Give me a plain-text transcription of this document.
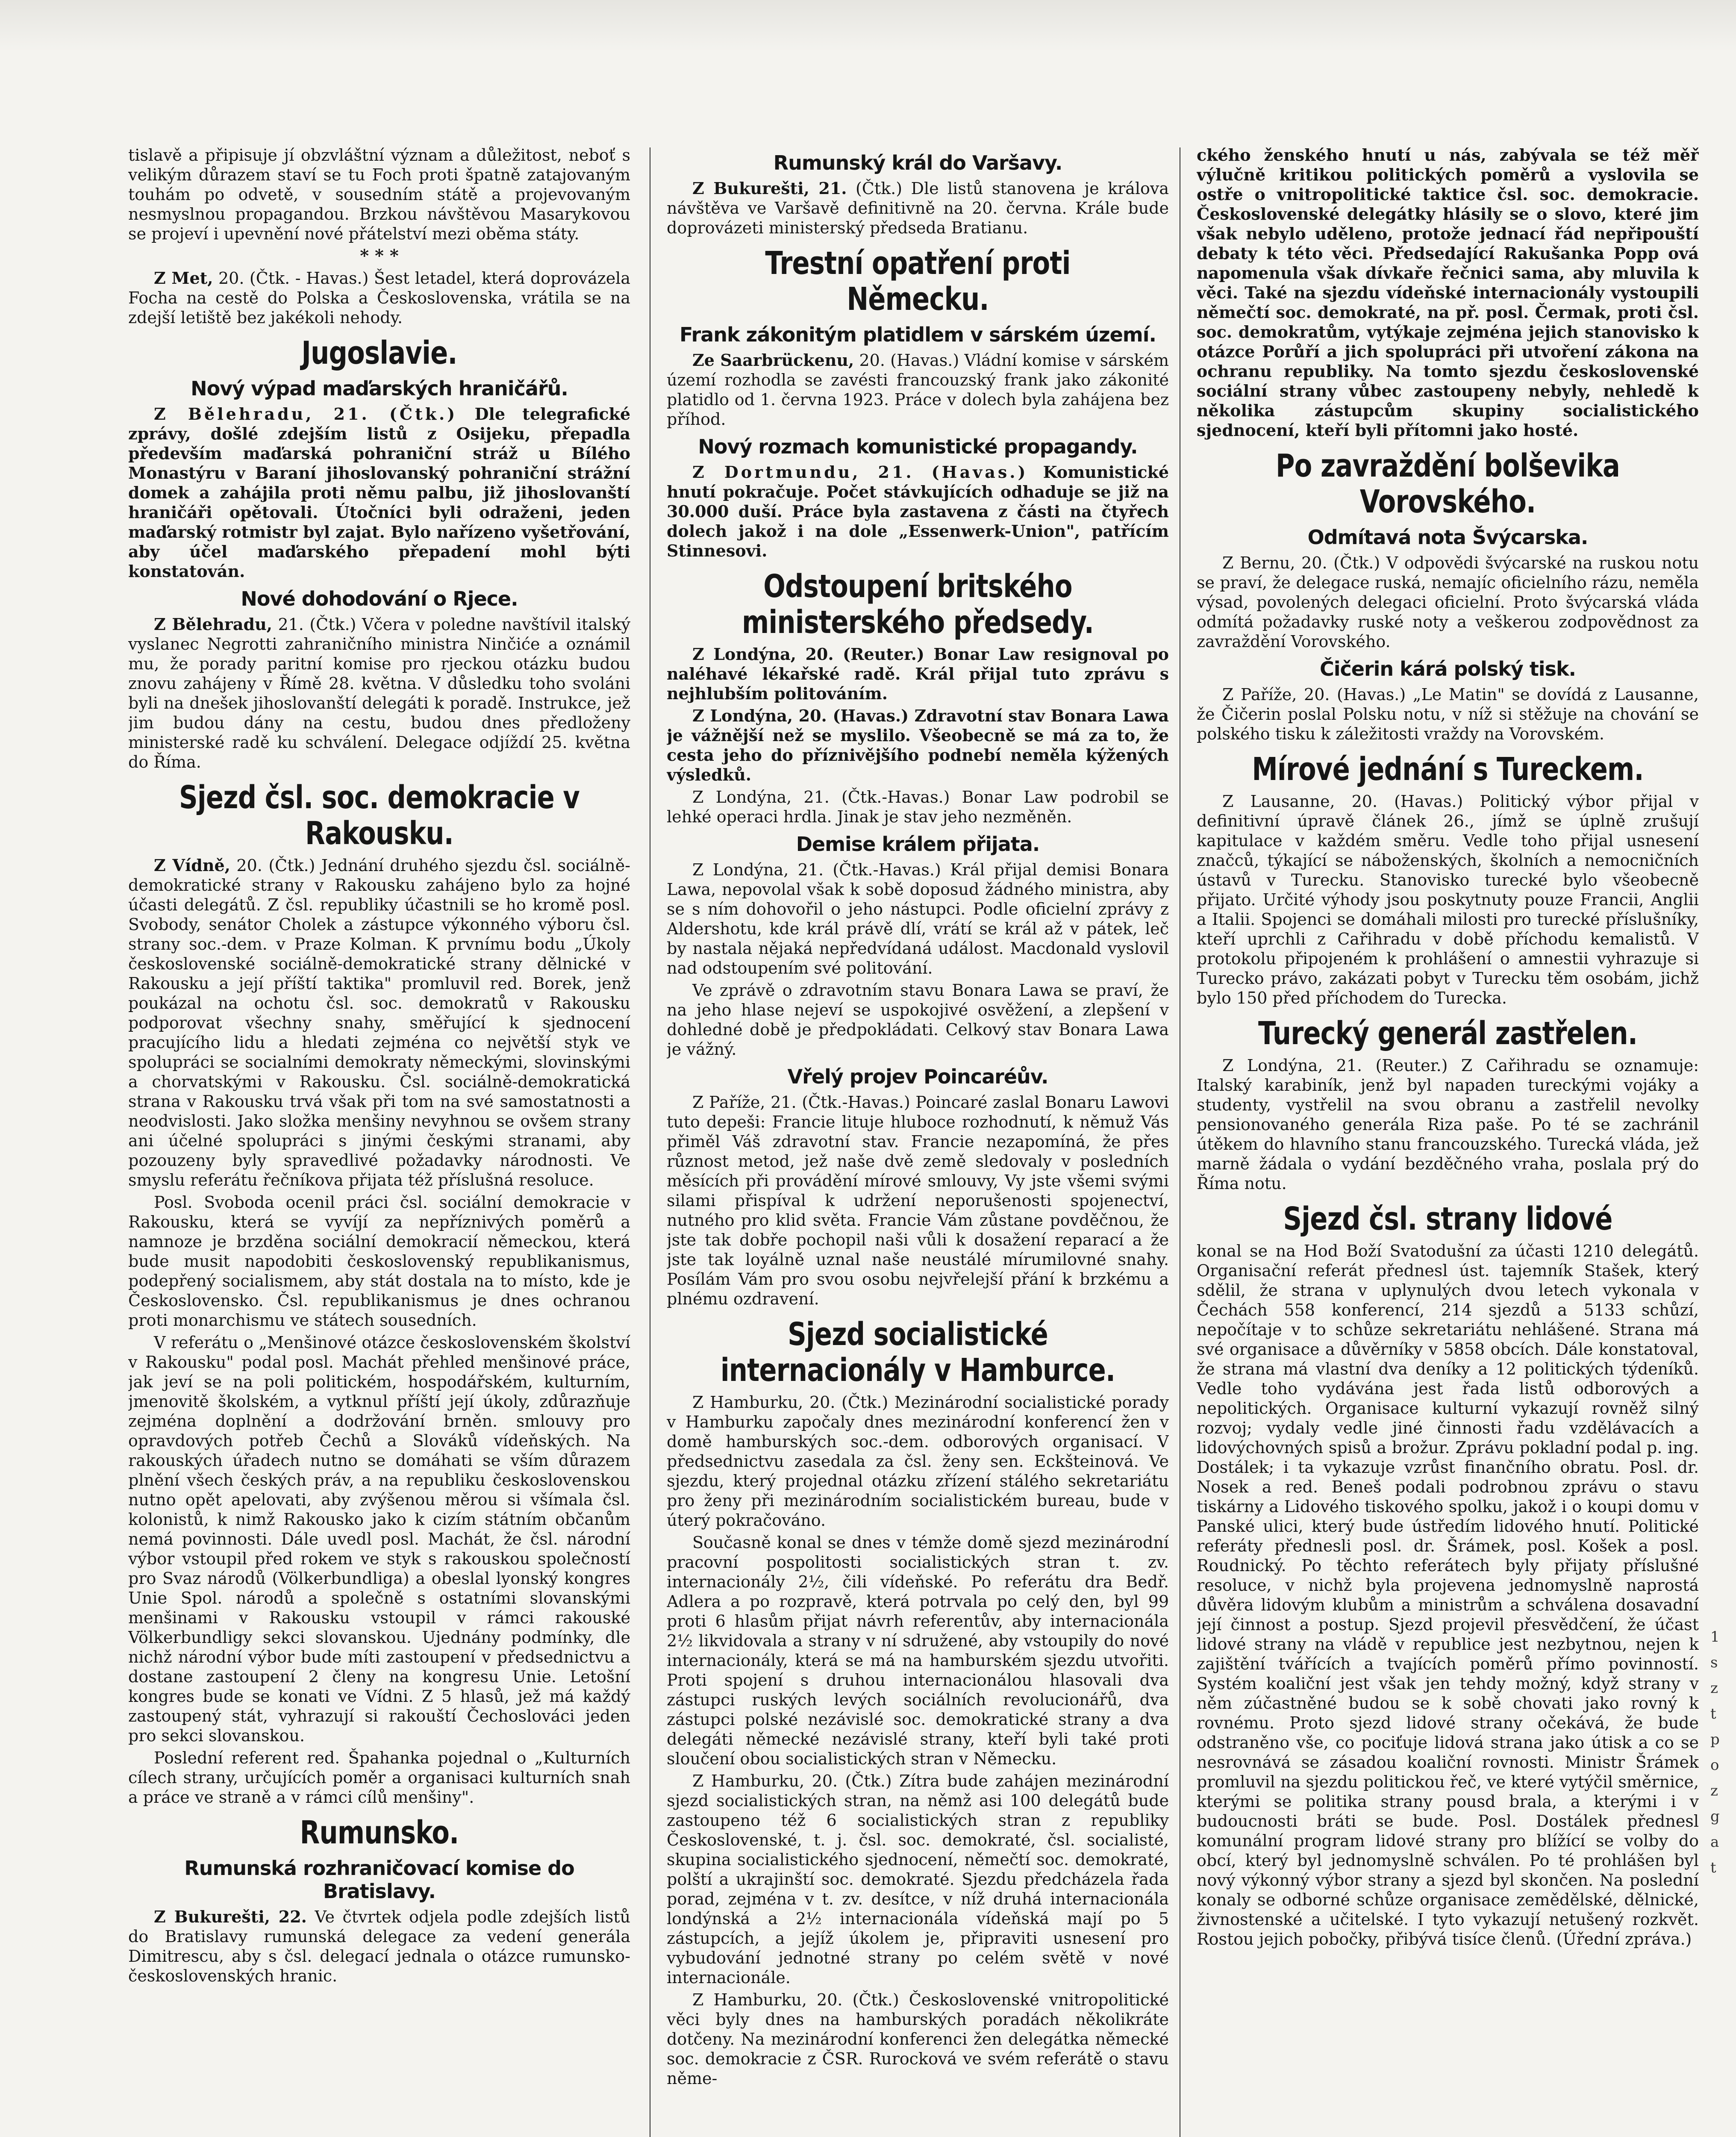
tislavě a připisuje jí obzvláštní význam a důležitost, neboť s velikým důrazem staví se tu Foch proti špatně zatajovaným touhám po odvetě, v sousedním státě a projevovaným nesmyslnou propagandou. Brzkou návštěvou Masarykovou se projeví i upevnění nové přátelství mezi oběma státy.

* * *

Z Met, 20. (Čtk. - Havas.) Šest letadel, která doprovázela Focha na cestě do Polska a Československa, vrátila se na zdejší letiště bez jakékoli nehody.

Jugoslavie.
Nový výpad maďarských hraničářů.

Z Bělehradu, 21. (Čtk.) Dle telegrafické zprávy, došlé zdejším listů z Osijeku, přepadla především maďarská pohraniční stráž u Bílého Monastýru v Baraní jihoslovanský pohraniční strážní domek a zahájila proti němu palbu, již jihoslovanští hraničáři opětovali. Útočníci byli odraženi, jeden maďarský rotmistr byl zajat. Bylo nařízeno vyšetřování, aby účel maďarského přepadení mohl býti konstatován.

Nové dohodování o Rjece.

Z Bělehradu, 21. (Čtk.) Včera v poledne navštívil italský vyslanec Negrotti zahraničního ministra Ninčiće a oznámil mu, že porady paritní komise pro rjeckou otázku budou znovu zahájeny v Římě 28. května. V důsledku toho svoláni byli na dnešek jihoslovanští delegáti k poradě. Instrukce, jež jim budou dány na cestu, budou dnes předloženy ministerské radě ku schválení. Delegace odjíždí 25. května do Říma.

Sjezd čsl. soc. demokracie v Rakousku.

Z Vídně, 20. (Čtk.) Jednání druhého sjezdu čsl. sociálně-demokratické strany v Rakousku zahájeno bylo za hojné účasti delegátů. Z čsl. republiky účastnili se ho kromě posl. Svobody, senátor Cholek a zástupce výkonného výboru čsl. strany soc.-dem. v Praze Kolman. K prvnímu bodu „Úkoly československé sociálně-demokratické strany dělnické v Rakousku a její příští taktika" promluvil red. Borek, jenž poukázal na ochotu čsl. soc. demokratů v Rakousku podporovat všechny snahy, směřující k sjednocení pracujícího lidu a hledati zejména co největší styk ve spolupráci se socialními demokraty německými, slovinskými a chorvatskými v Rakousku. Čsl. sociálně-demokratická strana v Rakousku trvá však při tom na své samostatnosti a neodvislosti. Jako složka menšiny nevyhnou se ovšem strany ani účelné spolupráci s jinými českými stranami, aby pozouzeny byly spravedlivé požadavky národnosti. Ve smyslu referátu řečníkova přijata též příslušná resoluce.

Posl. Svoboda ocenil práci čsl. sociální demokracie v Rakousku, která se vyvíjí za nepříznivých poměrů a namnoze je brzděna sociální demokracií německou, která bude musit napodobiti československý republikanismus, podepřený socialismem, aby stát dostala na to místo, kde je Československo. Čsl. republikanismus je dnes ochranou proti monarchismu ve státech sousedních.

V referátu o „Menšinové otázce československém školství v Rakousku" podal posl. Machát přehled menšinové práce, jak jeví se na poli politickém, hospodářském, kulturním, jmenovitě školském, a vytknul příští její úkoly, zdůrazňuje zejména doplnění a dodržování brněn. smlouvy pro opravdových potřeb Čechů a Slováků vídeňských. Na rakouských úřadech nutno se domáhati se vším důrazem plnění všech českých práv, a na republiku československou nutno opět apelovati, aby zvýšenou měrou si všímala čsl. kolonistů, k nimž Rakousko jako k cizím státním občanům nemá povinnosti. Dále uvedl posl. Machát, že čsl. národní výbor vstoupil před rokem ve styk s rakouskou společností pro Svaz národů (Völkerbundliga) a obeslal lyonský kongres Unie Spol. národů a společně s ostatními slovanskými menšinami v Rakousku vstoupil v rámci rakouské Völkerbundligy sekci slovanskou. Ujednány podmínky, dle nichž národní výbor bude míti zastoupení v předsednictvu a dostane zastoupení 2 členy na kongresu Unie. Letošní kongres bude se konati ve Vídni. Z 5 hlasů, jež má každý zastoupený stát, vyhrazují si rakouští Čechoslováci jeden pro sekci slovanskou.

Poslední referent red. Špahanka pojednal o „Kulturních cílech strany, určujících poměr a organisaci kulturních snah a práce ve straně a v rámci cílů menšiny".

Rumunsko.
Rumunská rozhraničovací komise do Bratislavy.

Z Bukurešti, 22. Ve čtvrtek odjela podle zdejších listů do Bratislavy rumunská delegace za vedení generála Dimitrescu, aby s čsl. delegací jednala o otázce rumunsko-československých hranic.

Rumunský král do Varšavy.

Z Bukurešti, 21. (Čtk.) Dle listů stanovena je králova návštěva ve Varšavě definitivně na 20. června. Krále bude doprovázeti ministerský předseda Bratianu.

Trestní opatření proti Německu.
Frank zákonitým platidlem v sárském území.

Ze Saarbrückenu, 20. (Havas.) Vládní komise v sárském území rozhodla se zavésti francouzský frank jako zákonité platidlo od 1. června 1923. Práce v dolech byla zahájena bez příhod.

Nový rozmach komunistické propagandy.

Z Dortmundu, 21. (Havas.) Komunistické hnutí pokračuje. Počet stávkujících odhaduje se již na 30.000 duší. Práce byla zastavena z části na čtyřech dolech jakož i na dole „Essenwerk-Union", patřícím Stinnesovi.

Odstoupení britského ministerského předsedy.

Z Londýna, 20. (Reuter.) Bonar Law resignoval po naléhavé lékařské radě. Král přijal tuto zprávu s nejhlubším politováním.

Z Londýna, 20. (Havas.) Zdravotní stav Bonara Lawa je vážnější než se myslilo. Všeobecně se má za to, že cesta jeho do příznivějšího podnebí neměla kýžených výsledků.

Z Londýna, 21. (Čtk.-Havas.) Bonar Law podrobil se lehké operaci hrdla. Jinak je stav jeho nezměněn.

Demise králem přijata.

Z Londýna, 21. (Čtk.-Havas.) Král přijal demisi Bonara Lawa, nepovolal však k sobě doposud žádného ministra, aby se s ním dohovořil o jeho nástupci. Podle oficielní zprávy z Aldershotu, kde král právě dlí, vrátí se král až v pátek, leč by nastala nějaká nepředvídaná událost. Macdonald vyslovil nad odstoupením své politování.

Ve zprávě o zdravotním stavu Bonara Lawa se praví, že na jeho hlase nejeví se uspokojivé osvěžení, a zlepšení v dohledné době je předpokládati. Celkový stav Bonara Lawa je vážný.

Vřelý projev Poincaréův.

Z Paříže, 21. (Čtk.-Havas.) Poincaré zaslal Bonaru Lawovi tuto depeši: Francie lituje hluboce rozhodnutí, k němuž Vás přiměl Váš zdravotní stav. Francie nezapomíná, že přes různost metod, jež naše dvě země sledovaly v posledních měsících při provádění mírové smlouvy, Vy jste všemi svými silami přispíval k udržení neporušenosti spojenectví, nutného pro klid světa. Francie Vám zůstane povděčnou, že jste tak dobře pochopil naši vůli k dosažení reparací a že jste tak loyálně uznal naše neustálé mírumilovné snahy. Posílám Vám pro svou osobu nejvřelejší přání k brzkému a plnému ozdravení.

Sjezd socialistické internacionály v Hamburce.

Z Hamburku, 20. (Čtk.) Mezinárodní socialistické porady v Hamburku započaly dnes mezinárodní konferencí žen v domě hamburských soc.-dem. odborových organisací. V předsednictvu zasedala za čsl. ženy sen. Eckšteinová. Ve sjezdu, který projednal otázku zřízení stálého sekretariátu pro ženy při mezinárodním socialistickém bureau, bude v úterý pokračováno.

Současně konal se dnes v témže domě sjezd mezinárodní pracovní pospolitosti socialistických stran t. zv. internacionály 2½, čili vídeňské. Po referátu dra Bedř. Adlera a po rozpravě, která potrvala po celý den, byl 99 proti 6 hlasům přijat návrh referentův, aby internacionála 2½ likvidovala a strany v ní sdružené, aby vstoupily do nové internacionály, která se má na hamburském sjezdu utvořiti. Proti spojení s druhou internacionálou hlasovali dva zástupci ruských levých sociálních revolucionářů, dva zástupci polské nezávislé soc. demokratické strany a dva delegáti německé nezávislé strany, kteří byli také proti sloučení obou socialistických stran v Německu.

Z Hamburku, 20. (Čtk.) Zítra bude zahájen mezinárodní sjezd socialistických stran, na němž asi 100 delegátů bude zastoupeno též 6 socialistických stran z republiky Československé, t. j. čsl. soc. demokraté, čsl. socialisté, skupina socialistického sjednocení, němečtí soc. demokraté, polští a ukrajinští soc. demokraté. Sjezdu předcházela řada porad, zejména v t. zv. desítce, v níž druhá internacionála londýnská a 2½ internacionála vídeňská mají po 5 zástupcích, a jejíž úkolem je, připraviti usnesení pro vybudování jednotné strany po celém světě v nové internacionále.

Z Hamburku, 20. (Čtk.) Československé vnitropolitické věci byly dnes na hamburských poradách několikráte dotčeny. Na mezinárodní konferenci žen delegátka německé soc. demokracie z ČSR. Rurocková ve svém referátě o stavu něme-

ckého ženského hnutí u nás, zabývala se též měř výlučně kritikou politických poměrů a vyslovila se ostře o vnitropolitické taktice čsl. soc. demokracie. Československé delegátky hlásily se o slovo, které jim však nebylo uděleno, protože jednací řád nepřipouští debaty k této věci. Předsedající Rakušanka Popp ová napomenula však dívkaře řečnici sama, aby mluvila k věci. Také na sjezdu vídeňské internacionály vystoupili němečtí soc. demokraté, na př. posl. Čermak, proti čsl. soc. demokratům, vytýkaje zejména jejich stanovisko k otázce Porůří a jich spolupráci při utvoření zákona na ochranu republiky. Na tomto sjezdu československé sociální strany vůbec zastoupeny nebyly, nehledě k několika zástupcům skupiny socialistického sjednocení, kteří byli přítomni jako hosté.

Po zavraždění bolševika Vorovského.
Odmítavá nota Švýcarska.

Z Bernu, 20. (Čtk.) V odpovědi švýcarské na ruskou notu se praví, že delegace ruská, nemajíc oficielního rázu, neměla výsad, povolených delegaci oficielní. Proto švýcarská vláda odmítá požadavky ruské noty a veškerou zodpovědnost za zavraždění Vorovského.

Čičerin kárá polský tisk.

Z Paříže, 20. (Havas.) „Le Matin" se dovídá z Lausanne, že Čičerin poslal Polsku notu, v níž si stěžuje na chování se polského tisku k záležitosti vraždy na Vorovském.

Mírové jednání s Tureckem.

Z Lausanne, 20. (Havas.) Politický výbor přijal v definitivní úpravě článek 26., jímž se úplně zrušují kapitulace v každém směru. Vedle toho přijal usnesení značců, týkající se náboženských, školních a nemocničních ústavů v Turecku. Stanovisko turecké bylo všeobecně přijato. Určité výhody jsou poskytnuty pouze Francii, Anglii a Italii. Spojenci se domáhali milosti pro turecké příslušníky, kteří uprchli z Cařihradu v době příchodu kemalistů. V protokolu připojeném k prohlášení o amnestii vyhrazuje si Turecko právo, zakázati pobyt v Turecku těm osobám, jichž bylo 150 před příchodem do Turecka.

Turecký generál zastřelen.

Z Londýna, 21. (Reuter.) Z Cařihradu se oznamuje: Italský karabiník, jenž byl napaden tureckými vojáky a studenty, vystřelil na svou obranu a zastřelil nevolky pensionovaného generála Riza paše. Po té se zachránil útěkem do hlavního stanu francouzského. Turecká vláda, jež marně žádala o vydání bezděčného vraha, poslala prý do Říma notu.

Sjezd čsl. strany lidové

konal se na Hod Boží Svatodušní za účasti 1210 delegátů. Organisační referát přednesl úst. tajemník Stašek, který sdělil, že strana v uplynulých dvou letech vykonala v Čechách 558 konferencí, 214 sjezdů a 5133 schůzí, nepočítaje v to schůze sekretariátu nehlášené. Strana má své organisace a důvěrníky v 5858 obcích. Dále konstatoval, že strana má vlastní dva deníky a 12 politických týdeníků. Vedle toho vydávána jest řada listů odborových a nepolitických. Organisace kulturní vykazují rovněž silný rozvoj; vydaly vedle jiné činnosti řadu vzdělávacích a lidovýchovných spisů a brožur. Zprávu pokladní podal p. ing. Dostálek; i ta vykazuje vzrůst finančního obratu. Posl. dr. Nosek a red. Beneš podali podrobnou zprávu o stavu tiskárny a Lidového tiskového spolku, jakož i o koupi domu v Panské ulici, který bude ústředím lidového hnutí. Politické referáty přednesli posl. dr. Šrámek, posl. Košek a posl. Roudnický. Po těchto referátech byly přijaty příslušné resoluce, v nichž byla projevena jednomyslně naprostá důvěra lidovým klubům a ministrům a schválena dosavadní její činnost a postup. Sjezd projevil přesvědčení, že účast lidové strany na vládě v republice jest nezbytnou, nejen k zajištění tvářících a tvajících poměrů přímo povinností. Systém koaliční jest však jen tehdy možný, když strany v něm zúčastněné budou se k sobě chovati jako rovný k rovnému. Proto sjezd lidové strany očekává, že bude odstraněno vše, co pociťuje lidová strana jako útisk a co se nesrovnává se zásadou koaliční rovnosti. Ministr Šrámek promluvil na sjezdu politickou řeč, ve které vytýčil směrnice, kterými se politika strany pousd brala, a kterými i v budoucnosti bráti se bude. Posl. Dostálek přednesl komunální program lidové strany pro blížící se volby do obcí, který byl jednomyslně schválen. Po té prohlášen byl nový výkonný výbor strany a sjezd byl skončen. Na poslední konaly se odborné schůze organisace zemědělské, dělnické, živnostenské a učitelské. I tyto vykazují netušený rozkvět. Rostou jejich pobočky, přibývá tisíce členů. (Úřední zpráva.)

1
s
z
t
p
o
z
g
a
t
